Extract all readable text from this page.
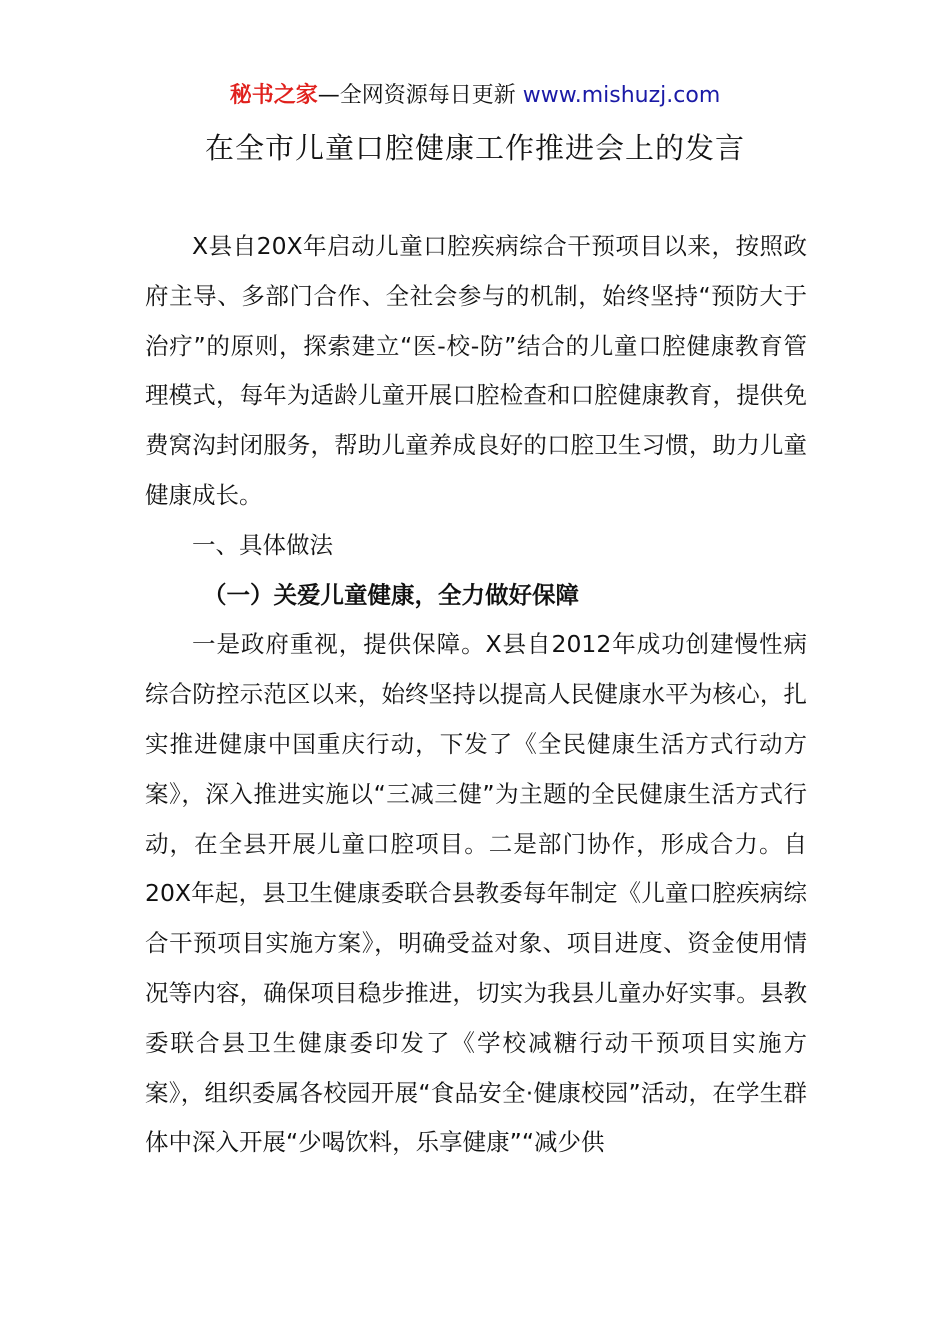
秘书之家—全网资源每日更新 www.mishuzj.com
在全市儿童口腔健康工作推进会上的发言

X县自20X年启动儿童口腔疾病综合干预项目以来，按照政府主导、多部门合作、全社会参与的机制，始终坚持“预防大于治疗”的原则，探索建立“医-校-防”结合的儿童口腔健康教育管理模式，每年为适龄儿童开展口腔检查和口腔健康教育，提供免费窝沟封闭服务，帮助儿童养成良好的口腔卫生习惯，助力儿童健康成长。

一、具体做法

（一）关爱儿童健康，全力做好保障

一是政府重视，提供保障。X县自2012年成功创建慢性病综合防控示范区以来，始终坚持以提高人民健康水平为核心，扎实推进健康中国重庆行动，下发了《全民健康生活方式行动方案》，深入推进实施以“三减三健”为主题的全民健康生活方式行动，在全县开展儿童口腔项目。二是部门协作，形成合力。自20X年起，县卫生健康委联合县教委每年制定《儿童口腔疾病综合干预项目实施方案》，明确受益对象、项目进度、资金使用情况等内容，确保项目稳步推进，切实为我县儿童办好实事。县教委联合县卫生健康委印发了《学校减糖行动干预项目实施方案》，组织委属各校园开展“食品安全·健康校园”活动，在学生群体中深入开展“少喝饮料，乐享健康”“减少供
